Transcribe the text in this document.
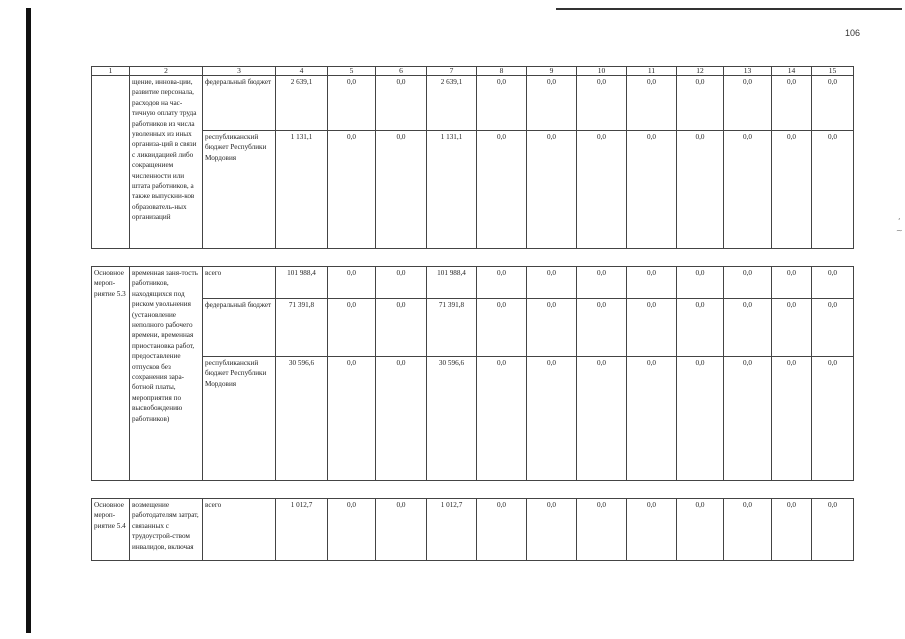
106
1	2	3	4	5	6	7	8	9	10	11	12	13	14	15
	щение, иннова-ции, развитие персонала, расходов на час-тичную оплату труда работников из числа уволенных из иных организа-ций в связи с ликвидацией либо сокращением численности или штата работников, а также выпускни-ков образователь-ных организаций	федеральный бюджет	2 639,1	0,0	0,0	2 639,1	0,0	0,0	0,0	0,0	0,0	0,0	0,0	0,0
		республиканский бюджет Республики Мордовия	1 131,1	0,0	0,0	1 131,1	0,0	0,0	0,0	0,0	0,0	0,0	0,0	0,0

Основное мероп-риятие 5.3	временная заня-тость работников, находящихся под риском увольнения (установление неполного рабочего времени, временная приостановка работ, предоставление отпусков без сохранения зара-ботной платы, мероприятия по высвобождению работников)	всего	101 988,4	0,0	0,0	101 988,4	0,0	0,0	0,0	0,0	0,0	0,0	0,0	0,0
		федеральный бюджет	71 391,8	0,0	0,0	71 391,8	0,0	0,0	0,0	0,0	0,0	0,0	0,0	0,0
		республиканский бюджет Республики Мордовия	30 596,6	0,0	0,0	30 596,6	0,0	0,0	0,0	0,0	0,0	0,0	0,0	0,0

Основное мероп-риятие 5.4	возмещение работодателям затрат, связанных с трудоустрой-ством инвалидов, включая	всего	1 012,7	0,0	0,0	1 012,7	0,0	0,0	0,0	0,0	0,0	0,0	0,0	0,0
,
~
